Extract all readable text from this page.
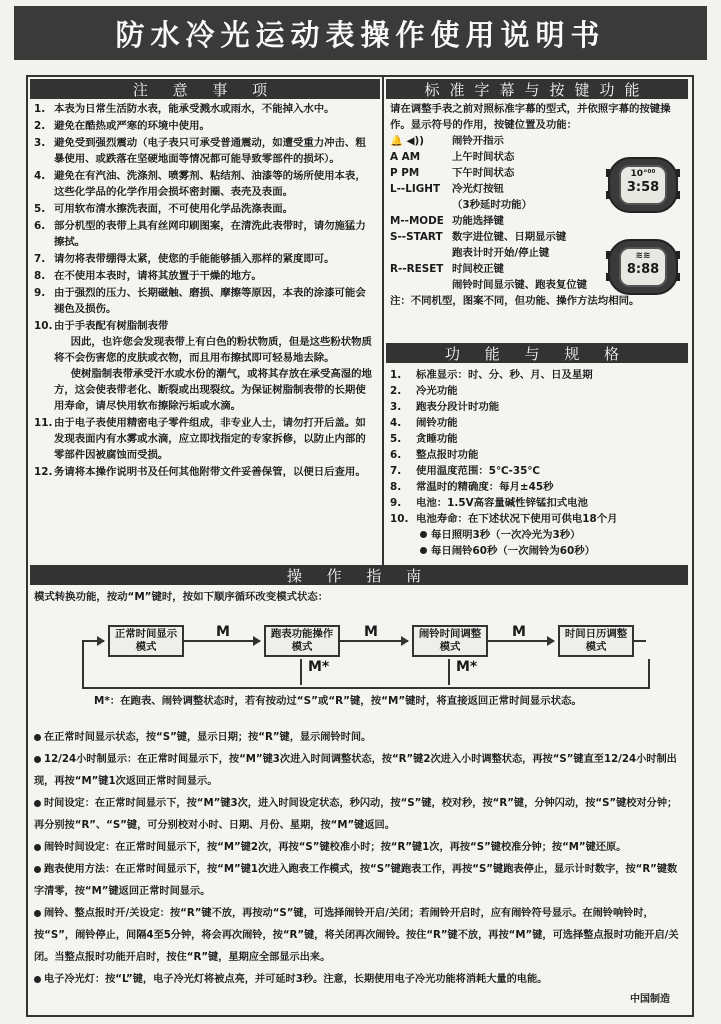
防水冷光运动表操作使用说明书
注 意 事 项
1. 本表为日常生活防水表，能承受溅水或雨水，不能掉入水中。
2. 避免在酷热或严寒的环境中使用。
3. 避免受到强烈震动（电子表只可承受普通震动，如遭受重力冲击、粗暴使用、或跌落在坚硬地面等情况都可能导致零部件的损坏）。
4. 避免在有汽油、洗涤剂、喷雾剂、粘结剂、油漆等的场所使用本表，这些化学品的化学作用会损坏密封圈、表壳及表面。
5. 可用软布清水擦洗表面，不可使用化学品洗涤表面。
6. 部分机型的表带上具有丝网印刷图案，在清洗此表带时，请勿施猛力擦拭。
7. 请勿将表带绷得太紧，使您的手能能够插入那样的紧度即可。
8. 在不使用本表时，请将其放置于干燥的地方。
9. 由于强烈的压力、长期磁触、磨损、摩擦等原因，本表的涂漆可能会褪色及损伤。
10. 由于手表配有树脂制表带

因此，也许您会发现表带上有白色的粉状物质，但是这些粉状物质将不会伤害您的皮肤或衣物，而且用布擦拭即可轻易地去除。

使树脂制表带承受汗水或水份的潮气，或将其存放在承受高湿的地方，这会使表带老化、断裂或出现裂纹。为保证树脂制表带的长期使用寿命，请尽快用软布擦除污垢或水滴。

11. 由于电子表使用精密电子零件组成，非专业人士，请勿打开后盖。如发现表面内有水雾或水滴，应立即找指定的专家拆修，以防止内部的零部件因被腐蚀而受损。
12. 务请将本操作说明书及任何其他附带文件妥善保管，以便日后查用。
标准字幕与按键功能
请在调整手表之前对照标准字幕的型式，并依照字幕的按键操作。显示符号的作用，按键位置及功能：
🔔 ◀))	闹铃开指示
A AM	上午时间状态
P PM	下午时间状态
L--LIGHT	冷光灯按钮
（3秒延时功能）
M--MODE 功能选择键
S--START 数字进位键、日期显示键
跑表计时开始/停止键
R--RESET 时间校正键
闹铃时间显示键、跑表复位键
注：不同机型，图案不同，但功能、操作方法均相同。
10°⁰⁰
3:58
≋≋
8:88
功 能 与 规 格
1.	标准显示：时、分、秒、月、日及星期
2.	冷光功能
3.	跑表分段计时功能
4.	闹铃功能
5.	贪睡功能
6.	整点报时功能
7.	使用温度范围：5℃-35℃
8.	常温时的精确度：每月±45秒
9.	电池：1.5V高容量碱性锌锰扣式电池
10. 电池寿命：在下述状况下使用可供电18个月
每日照明3秒（一次冷光为3秒）
每日闹铃60秒（一次闹铃为60秒）
操 作 指 南
模式转换功能，按动“M”键时，按如下顺序循环改变模式状态：
正常时间显示模式
跑表功能操作模式
闹铃时间调整模式
时间日历调整模式
M	M	M
M*	M*
M*：在跑表、闹铃调整状态时，若有按动过“S”或“R”键，按“M”键时，将直接返回正常时间显示状态。
在正常时间显示状态，按“S”键，显示日期；按“R”键，显示闹铃时间。
12/24小时制显示：在正常时间显示下，按“M”键3次进入时间调整状态，按“R”键2次进入小时调整状态，再按“S”键直至12/24小时制出现，再按“M”键1次返回正常时间显示。
时间设定：在正常时间显示下，按“M”键3次，进入时间设定状态，秒闪动，按“S”键，校对秒，按“R”键，分钟闪动，按“S”键校对分钟；再分别按“R”、“S”键，可分别校对小时、日期、月份、星期，按“M”键返回。
闹铃时间设定：在正常时间显示下，按“M”键2次，再按“S”键校准小时；按“R”键1次，再按“S”键校准分钟；按“M”键还原。
跑表使用方法：在正常时间显示下，按“M”键1次进入跑表工作模式，按“S”键跑表工作，再按“S”键跑表停止，显示计时数字，按“R”键数字清零，按“M”键返回正常时间显示。
闹铃、整点报时开/关设定：按“R”键不放，再按动“S”键，可选择闹铃开启/关闭；若闹铃开启时，应有闹铃符号显示。在闹铃响铃时，按“S”，闹铃停止，间隔4至5分钟，将会再次闹铃，按“R”键，将关闭再次闹铃。按住“R”键不放，再按“M”键，可选择整点报时功能开启/关闭。当整点报时功能开启时，按住“R”键，星期应全部显示出来。
电子冷光灯：按“L”键，电子冷光灯将被点亮，并可延时3秒。注意，长期使用电子冷光功能将消耗大量的电能。
中国制造
